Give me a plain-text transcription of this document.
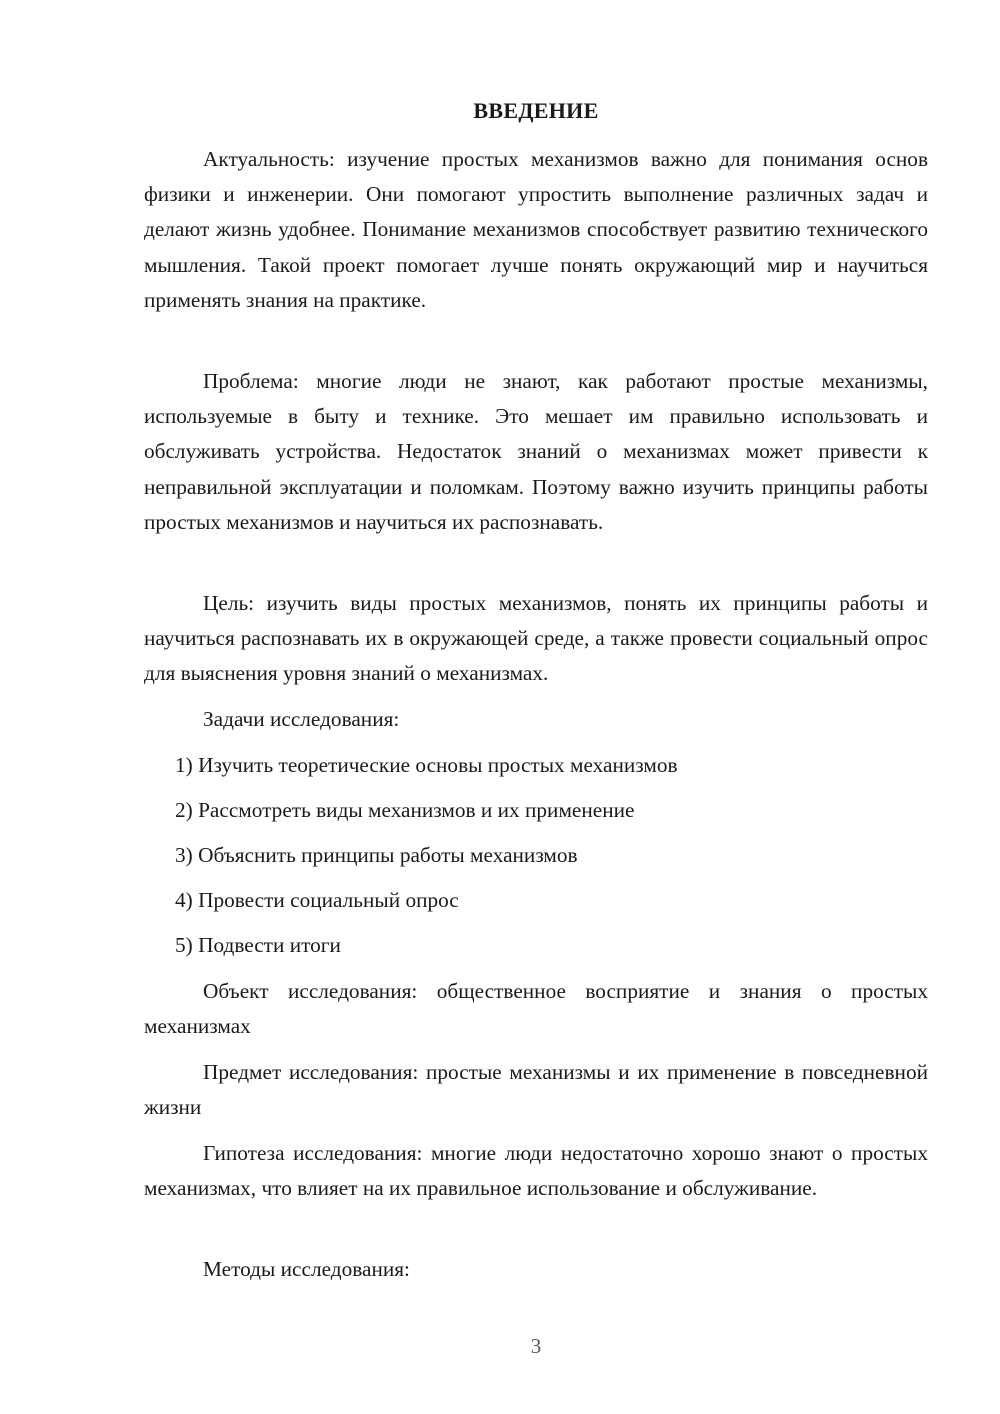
ВВЕДЕНИЕ

Актуальность: изучение простых механизмов важно для понимания основ физики и инженерии. Они помогают упростить выполнение различных задач и делают жизнь удобнее. Понимание механизмов способствует развитию технического мышления. Такой проект помогает лучше понять окружающий мир и научиться применять знания на практике.

Проблема: многие люди не знают, как работают простые механизмы, используемые в быту и технике. Это мешает им правильно использовать и обслуживать устройства. Недостаток знаний о механизмах может привести к неправильной эксплуатации и поломкам. Поэтому важно изучить принципы работы простых механизмов и научиться их распознавать.

Цель: изучить виды простых механизмов, понять их принципы работы и научиться распознавать их в окружающей среде, а также провести социальный опрос для выяснения уровня знаний о механизмах.

Задачи исследования:

1) Изучить теоретические основы простых механизмов
2) Рассмотреть виды механизмов и их применение
3) Объяснить принципы работы механизмов
4) Провести социальный опрос
5) Подвести итоги

Объект исследования: общественное восприятие и знания о простых механизмах

Предмет исследования: простые механизмы и их применение в повседневной жизни

Гипотеза исследования: многие люди недостаточно хорошо знают о простых механизмах, что влияет на их правильное использование и обслуживание.

Методы исследования:

3
